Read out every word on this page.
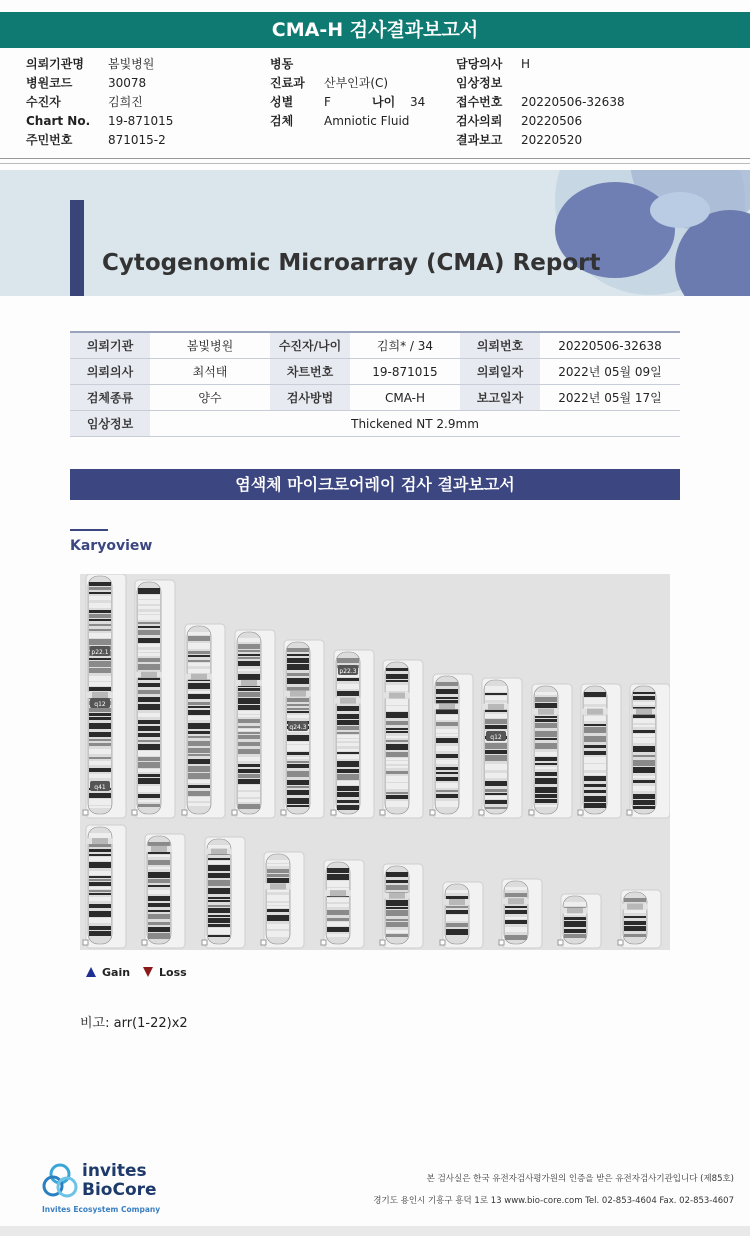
CMA-H 검사결과보고서
의뢰기관명 봄빛병원
병원코드	30078
수진자	김희진
Chart No. 19-871015
주민번호	871015-2
병동
진료과 산부인과(C)
성별	F	나이 34
검체	Amniotic Fluid
담당의사 H
임상정보
접수번호 20220506-32638
검사의뢰 20220506
결과보고 20220520
Cytogenomic Microarray (CMA) Report
의뢰기관	봄빛병원	수진자/나이	김희* / 34	의뢰번호	20220506-32638
의뢰의사	최석태	차트번호	19-871015	의뢰일자	2022년 05월 09일
검체종류	양수	검사방법	CMA-H	보고일자	2022년 05월 17일
임상정보	Thickened NT 2.9mm				
염색체 마이크로어레이 검사 결과보고서
Karyoview
p22.1
q12
q41
q24.3
p22.3
q12
Gain	Loss
비고: arr(1-22)x2
invites
BioCore
Invites Ecosystem Company
본 검사실은 한국 유전자검사평가원의 인증을 받은 유전자검사기관입니다 (제85호)
경기도 용인시 기흥구 흥덕 1로 13 www.bio-core.com Tel. 02-853-4604 Fax. 02-853-4607
